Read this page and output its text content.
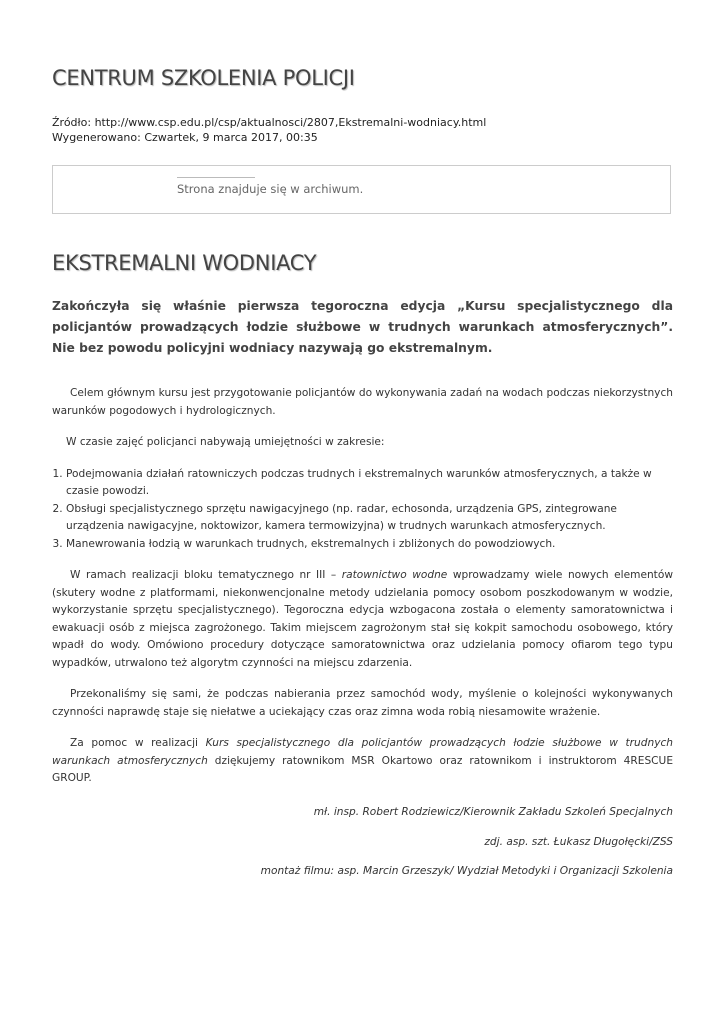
CENTRUM SZKOLENIA POLICJI
Źródło: http://www.csp.edu.pl/csp/aktualnosci/2807,Ekstremalni-wodniacy.html
Wygenerowano: Czwartek, 9 marca 2017, 00:35
Strona znajduje się w archiwum.
EKSTREMALNI WODNIACY

Zakończyła się właśnie pierwsza tegoroczna edycja „Kursu specjalistycznego dla policjantów prowadzących łodzie służbowe w trudnych warunkach atmosferycznych”. Nie bez powodu policyjni wodniacy nazywają go ekstremalnym.

Celem głównym kursu jest przygotowanie policjantów do wykonywania zadań na wodach podczas niekorzystnych warunków pogodowych i hydrologicznych.

W czasie zajęć policjanci nabywają umiejętności w zakresie:

1. Podejmowania działań ratowniczych podczas trudnych i ekstremalnych warunków atmosferycznych, a także w czasie powodzi.
2. Obsługi specjalistycznego sprzętu nawigacyjnego (np. radar, echosonda, urządzenia GPS, zintegrowane urządzenia nawigacyjne, noktowizor, kamera termowizyjna) w trudnych warunkach atmosferycznych.
3. Manewrowania łodzią w warunkach trudnych, ekstremalnych i zbliżonych do powodziowych.

W ramach realizacji bloku tematycznego nr III – ratownictwo wodne wprowadzamy wiele nowych elementów (skutery wodne z platformami, niekonwencjonalne metody udzielania pomocy osobom poszkodowanym w wodzie, wykorzystanie sprzętu specjalistycznego). Tegoroczna edycja wzbogacona została o elementy samoratownictwa i ewakuacji osób z miejsca zagrożonego. Takim miejscem zagrożonym stał się kokpit samochodu osobowego, który wpadł do wody. Omówiono procedury dotyczące samoratownictwa oraz udzielania pomocy ofiarom tego typu wypadków, utrwalono też algorytm czynności na miejscu zdarzenia.

Przekonaliśmy się sami, że podczas nabierania przez samochód wody, myślenie o kolejności wykonywanych czynności naprawdę staje się niełatwe a uciekający czas oraz zimna woda robią niesamowite wrażenie.

Za pomoc w realizacji Kurs specjalistycznego dla policjantów prowadzących łodzie służbowe w trudnych warunkach atmosferycznych dziękujemy ratownikom MSR Okartowo oraz ratownikom i instruktorom 4RESCUE GROUP.

mł. insp. Robert Rodziewicz/Kierownik Zakładu Szkoleń Specjalnych
zdj. asp. szt. Łukasz Długołęcki/ZSS
montaż filmu: asp. Marcin Grzeszyk/ Wydział Metodyki i Organizacji Szkolenia
